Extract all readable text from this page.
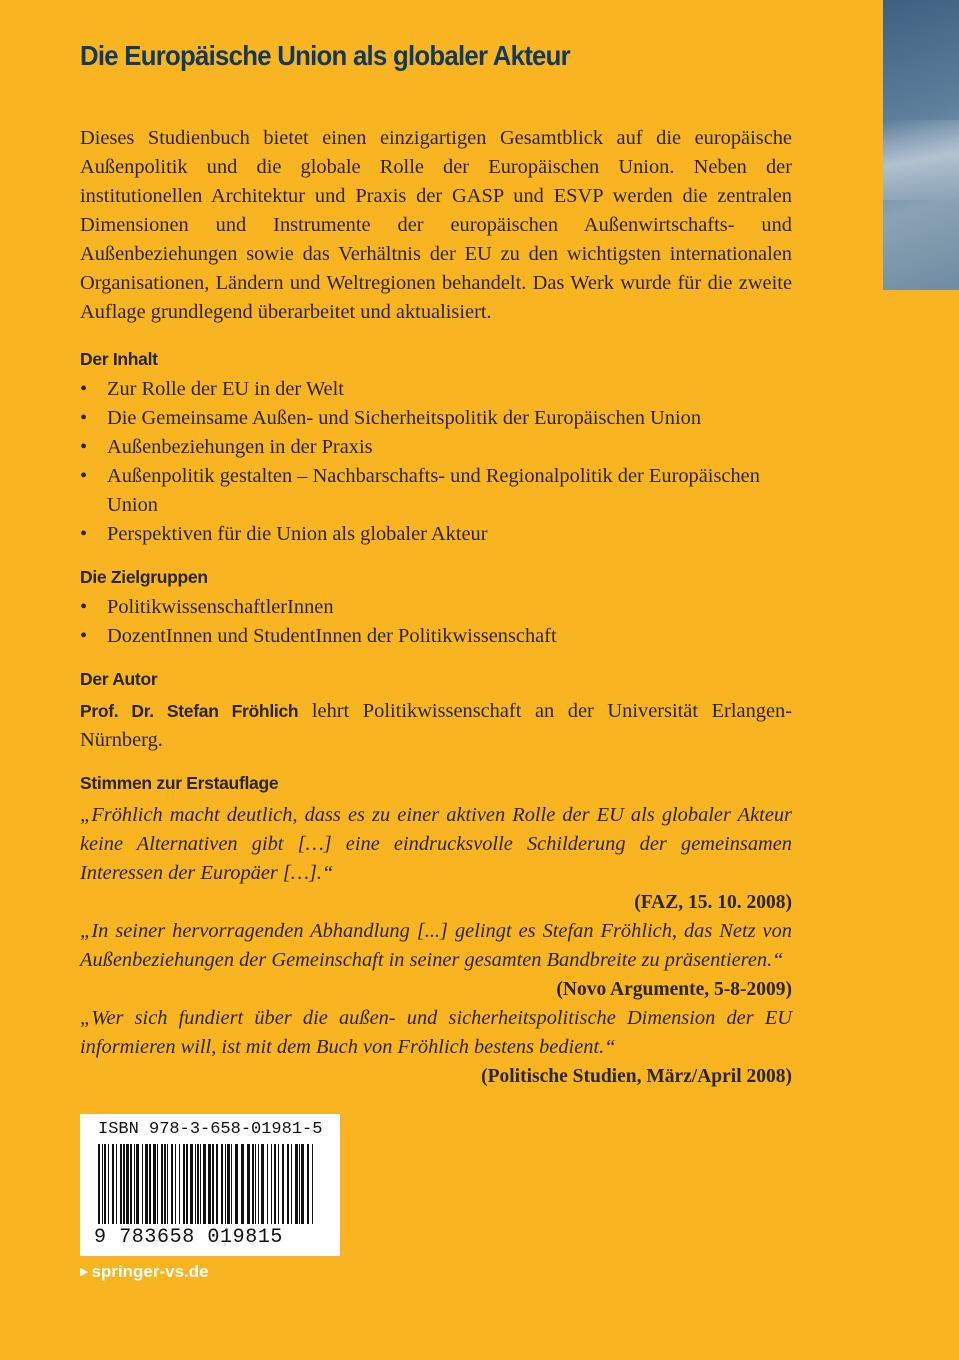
Die Europäische Union als globaler Akteur

Dieses Studienbuch bietet einen einzigartigen Gesamtblick auf die europäische Außenpolitik und die globale Rolle der Europäischen Union. Neben der institutionellen Architektur und Praxis der GASP und ESVP werden die zentralen Dimensionen und Instrumente der europäischen Außenwirtschafts- und Außenbeziehungen sowie das Verhältnis der EU zu den wichtigsten internationalen Organisationen, Ländern und Weltregionen behandelt. Das Werk wurde für die zweite Auflage grundlegend überarbeitet und aktualisiert.

Der Inhalt

• Zur Rolle der EU in der Welt
• Die Gemeinsame Außen- und Sicherheitspolitik der Europäischen Union
• Außenbeziehungen in der Praxis
• Außenpolitik gestalten – Nachbarschafts- und Regionalpolitik der Europäischen Union
• Perspektiven für die Union als globaler Akteur

Die Zielgruppen

• PolitikwissenschaftlerInnen
• DozentInnen und StudentInnen der Politikwissenschaft

Der Autor

Prof. Dr. Stefan Fröhlich lehrt Politikwissenschaft an der Universität Erlangen-Nürnberg.

Stimmen zur Erstauflage

„Fröhlich macht deutlich, dass es zu einer aktiven Rolle der EU als globaler Akteur keine Alternativen gibt […] eine eindrucksvolle Schilderung der gemeinsamen Interessen der Europäer […].“

(FAZ, 15. 10. 2008)

„In seiner hervorragenden Abhandlung [...] gelingt es Stefan Fröhlich, das Netz von Außenbeziehungen der Gemeinschaft in seiner gesamten Bandbreite zu präsentieren.“

(Novo Argumente, 5-8-2009)

„Wer sich fundiert über die außen- und sicherheitspolitische Dimension der EU informieren will, ist mit dem Buch von Fröhlich bestens bedient.“

(Politische Studien, März/April 2008)

ISBN 978-3-658-01981-5
9 783658 019815
▶ springer-vs.de
